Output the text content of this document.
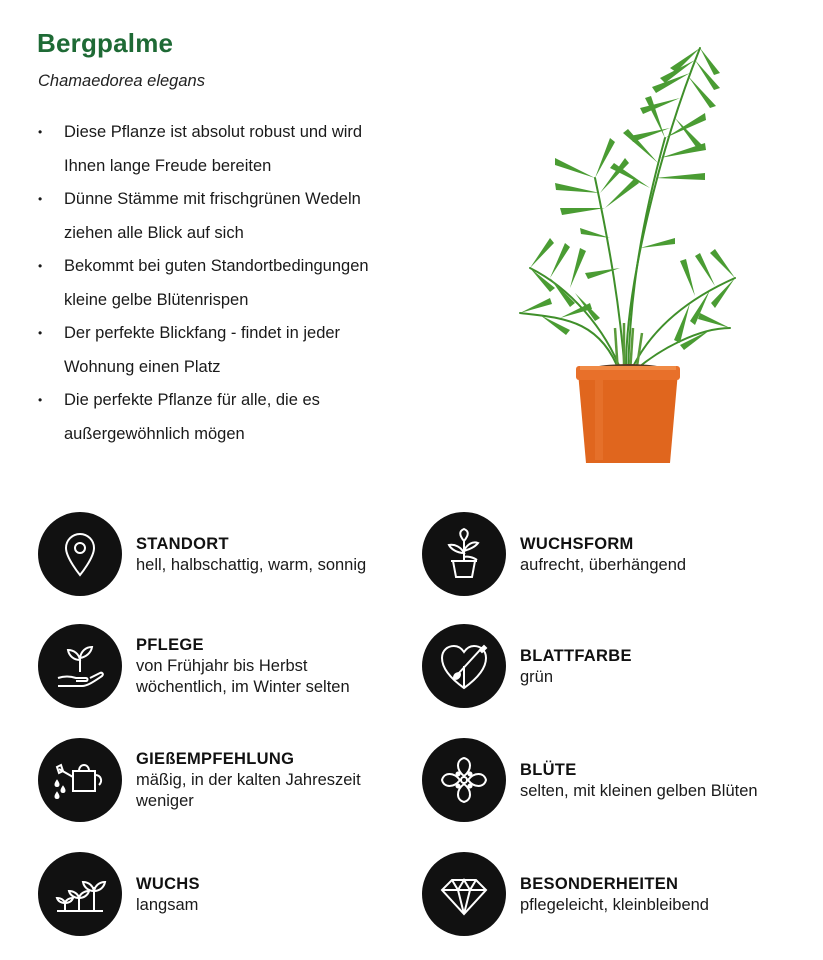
Bergpalme
Chamaedorea elegans
• Diese Pflanze ist absolut robust und wird
Ihnen lange Freude bereiten
• Dünne Stämme mit frischgrünen Wedeln
ziehen alle Blick auf sich
• Bekommt bei guten Standortbedingungen
kleine gelbe Blütenrispen
• Der perfekte Blickfang - findet in jeder
Wohnung einen Platz
• Die perfekte Pflanze für alle, die es
außergewöhnlich mögen
STANDORT
hell, halbschattig, warm, sonnig
WUCHSFORM
aufrecht, überhängend
PFLEGE
von Frühjahr bis Herbst
wöchentlich, im Winter selten
BLATTFARBE
grün
GIEßEMPFEHLUNG
mäßig, in der kalten Jahreszeit
weniger
BLÜTE
selten, mit kleinen gelben Blüten
WUCHS
langsam
BESONDERHEITEN
pflegeleicht, kleinbleibend
